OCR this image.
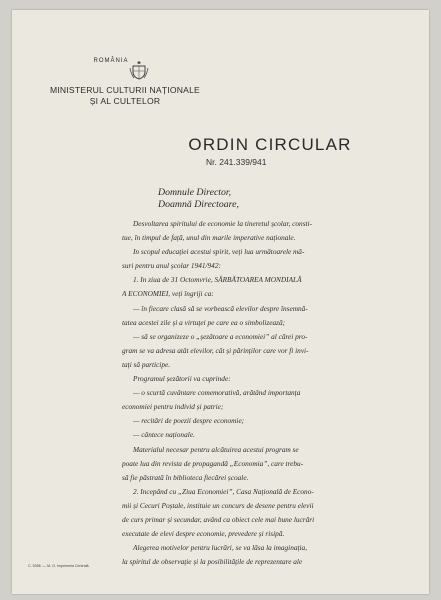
ROMÂNIA
MINISTERUL CULTURII NAȚIONALE
ȘI AL CULTELOR
ORDIN CIRCULAR
Nr. 241.339/941
Domnule Director,
Doamnă Directoare,
Desvoltarea spiritului de economie la tineretul școlar, consti-
tue, în timpul de față, unul din marile imperative naționale.
In scopul educației acestui spirit, veți lua următoarele mă-
suri pentru anul școlar 1941/942:
1. In ziua de 31 Octomvrie, SĂRBĂTOAREA MONDIALĂ
A ECONOMIEI, veți îngriji ca:
— în fiecare clasă să se vorbească elevilor despre însemnă-
tatea acestei zile și a virtuței pe care ea o simbolizează;
— să se organizeze o „șezătoare a economiei” al cărei pro-
gram se va adresa atât elevilor, cât și părinților care vor fi invi-
tați să participe.
Programul șezătorii va cuprinde:
— o scurtă cuvântare comemorativă, arătând importanța
economiei pentru individ și patrie;
— recitări de poezii despre economie;
— cântece naționale.
Materialul necesar pentru alcătuirea acestui program se
poate lua din revista de propagandă „Economia”, care trebu-
să fie păstrată în biblioteca fiecărei școale.
2. Incepând cu „Ziua Economiei”, Casa Națională de Econo-
mii și Cecuri Poștale, instituie un concurs de desene pentru elevii
de curs primar și secundar, având ca obiect cele mai bune lucrări
executate de elevi despre economie, prevedere și risipă.
Alegerea motivelor pentru lucrări, se va lăsa la imaginația,
la spiritul de observație și la posibilitățile de reprezentare ale
C. 5396. — M. O. Imprimeria Centrală.
